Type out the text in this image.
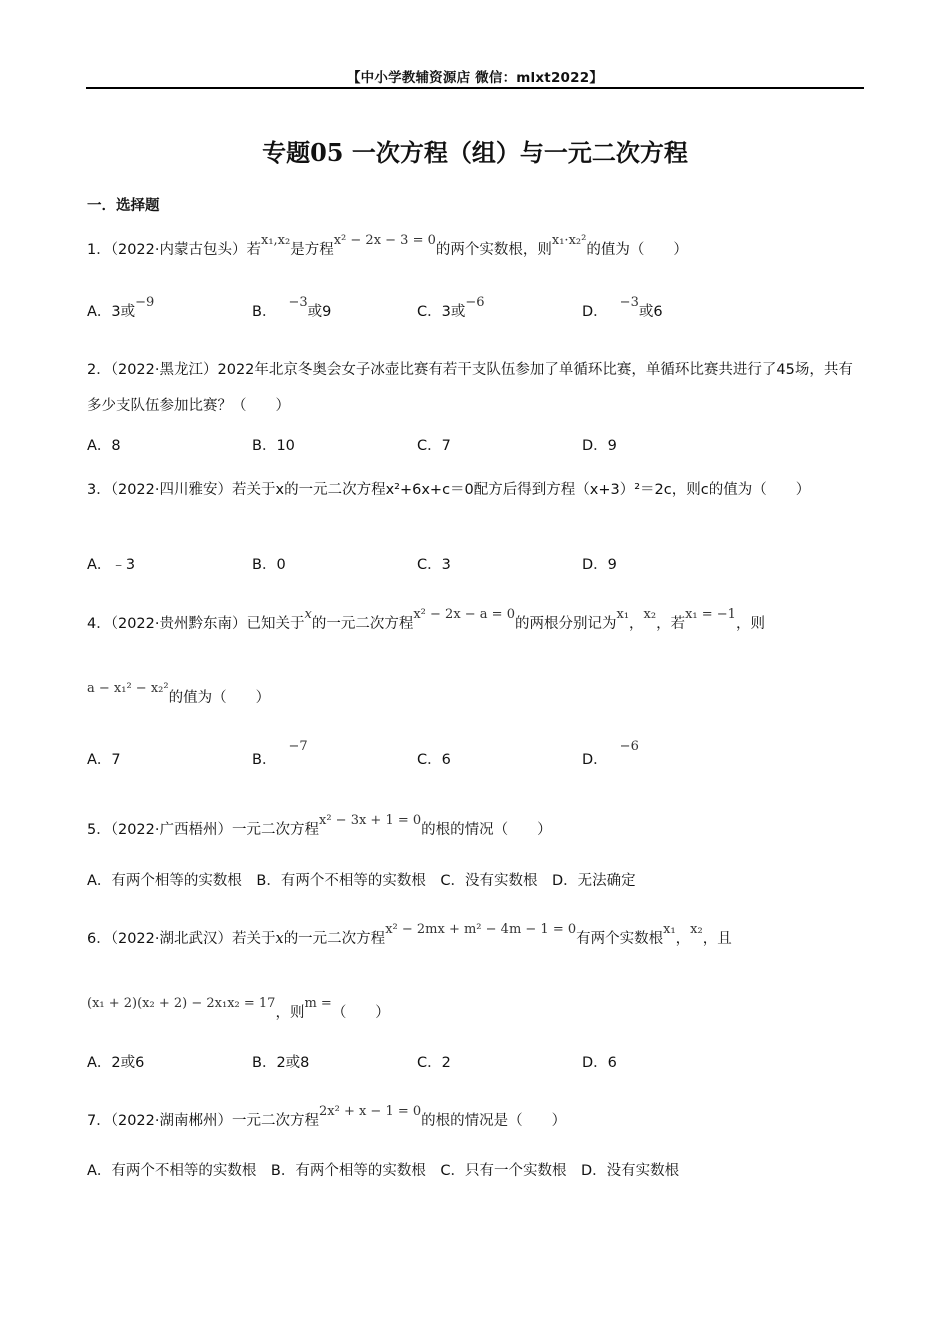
【中小学教辅资源店 微信：mlxt2022】
专题05 一次方程（组）与一元二次方程
一．选择题
1．（2022·内蒙古包头）若x₁,x₂是方程x² − 2x − 3 = 0的两个实数根，则x₁·x₂²的值为（　　）
A．3或−9
B．−3或9	C．3或−6
D．−3或6
2．（2022·黑龙江）2022年北京冬奥会女子冰壶比赛有若干支队伍参加了单循环比赛，单循环比赛共进行了45场，共有多少支队伍参加比赛？（　　）
A．8	B．10	C．7	D．9
3．（2022·四川雅安）若关于x的一元二次方程x²+6x+c＝0配方后得到方程（x+3）²＝2c，则c的值为（　　）
A．﹣3	B．0	C．3	D．9
4．（2022·贵州黔东南）已知关于x的一元二次方程x² − 2x − a = 0的两根分别记为x₁，x₂，若x₁ = −1，则
a − x₁² − x₂²的值为（　　）
A．7	B．−7
C．6	D．−6
5．（2022·广西梧州）一元二次方程x² − 3x + 1 = 0的根的情况（　　）
A．有两个相等的实数根　B．有两个不相等的实数根　C．没有实数根　D．无法确定
6．（2022·湖北武汉）若关于x的一元二次方程x² − 2mx + m² − 4m − 1 = 0有两个实数根x₁，x₂，且
(x₁ + 2)(x₂ + 2) − 2x₁x₂ = 17，则m =（　　）
A．2或6	B．2或8	C．2	D．6
7．（2022·湖南郴州）一元二次方程2x² + x − 1 = 0的根的情况是（　　）
A．有两个不相等的实数根　B．有两个相等的实数根　C．只有一个实数根　D．没有实数根
